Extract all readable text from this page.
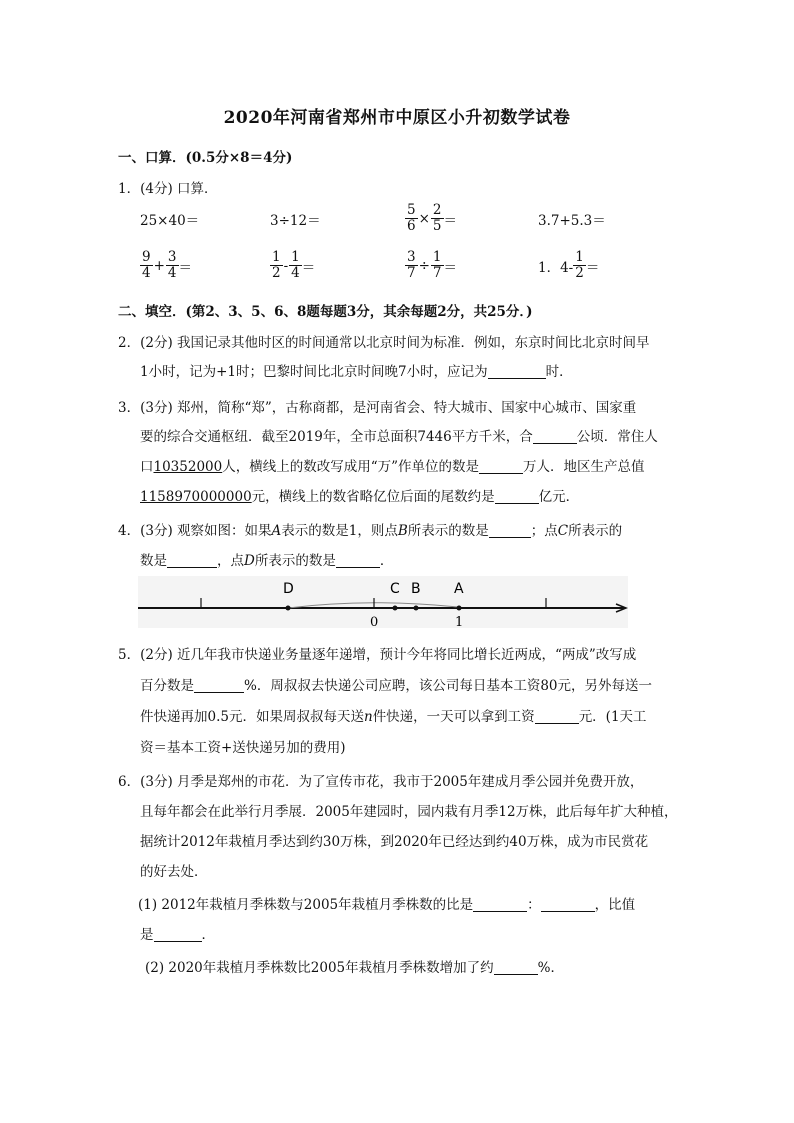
2020年河南省郑州市中原区小升初数学试卷
一、口算．(0.5分×8＝4分)
1．(4分) 口算．
25×40＝	3÷12＝	$\frac{5}{6} \times \frac{2}{5}$ ＝	3.7+5.3＝
$\frac{9}{4} + \frac{3}{4}$ ＝	$\frac{1}{2} - \frac{1}{4}$ ＝	$\frac{3}{7} \div \frac{1}{7}$ ＝	1．$4- \frac{1}{2}$ ＝
二、填空．(第2、3、5、6、8题每题3分，其余每题2分，共25分．)
2．(2分) 我国记录其他时区的时间通常以北京时间为标准．例如，东京时间比北京时间早
1小时，记为+1时；巴黎时间比北京时间晚7小时，应记为	时．
3．(3分) 郑州，简称“郑”，古称商都，是河南省会、特大城市、国家中心城市、国家重
要的综合交通枢纽．截至2019年，全市总面积7446平方千米，合	公顷．常住人
口10352000人，横线上的数改写成用“万”作单位的数是	万人．地区生产总值
1158970000000元，横线上的数省略亿位后面的尾数约是	亿元．
4．(3分) 观察如图：如果A表示的数是1，则点B所表示的数是	；点C所表示的
数是	，点D所表示的数是	．
D	C B A
0	1
5．(2分) 近几年我市快递业务量逐年递增，预计今年将同比增长近两成，“两成”改写成
百分数是	%．周叔叔去快递公司应聘，该公司每日基本工资80元，另外每送一
件快递再加0.5元．如果周叔叔每天送n件快递，一天可以拿到工资	元．(1天工
资＝基本工资+送快递另加的费用)
6．(3分) 月季是郑州的市花．为了宣传市花，我市于2005年建成月季公园并免费开放，
且每年都会在此举行月季展．2005年建园时，园内栽有月季12万株，此后每年扩大种植，
据统计2012年栽植月季达到约30万株，到2020年已经达到约40万株，成为市民赏花
的好去处．
(1) 2012年栽植月季株数与2005年栽植月季株数的比是	：	，比值
是	．
(2) 2020年栽植月季株数比2005年栽植月季株数增加了约	%．
